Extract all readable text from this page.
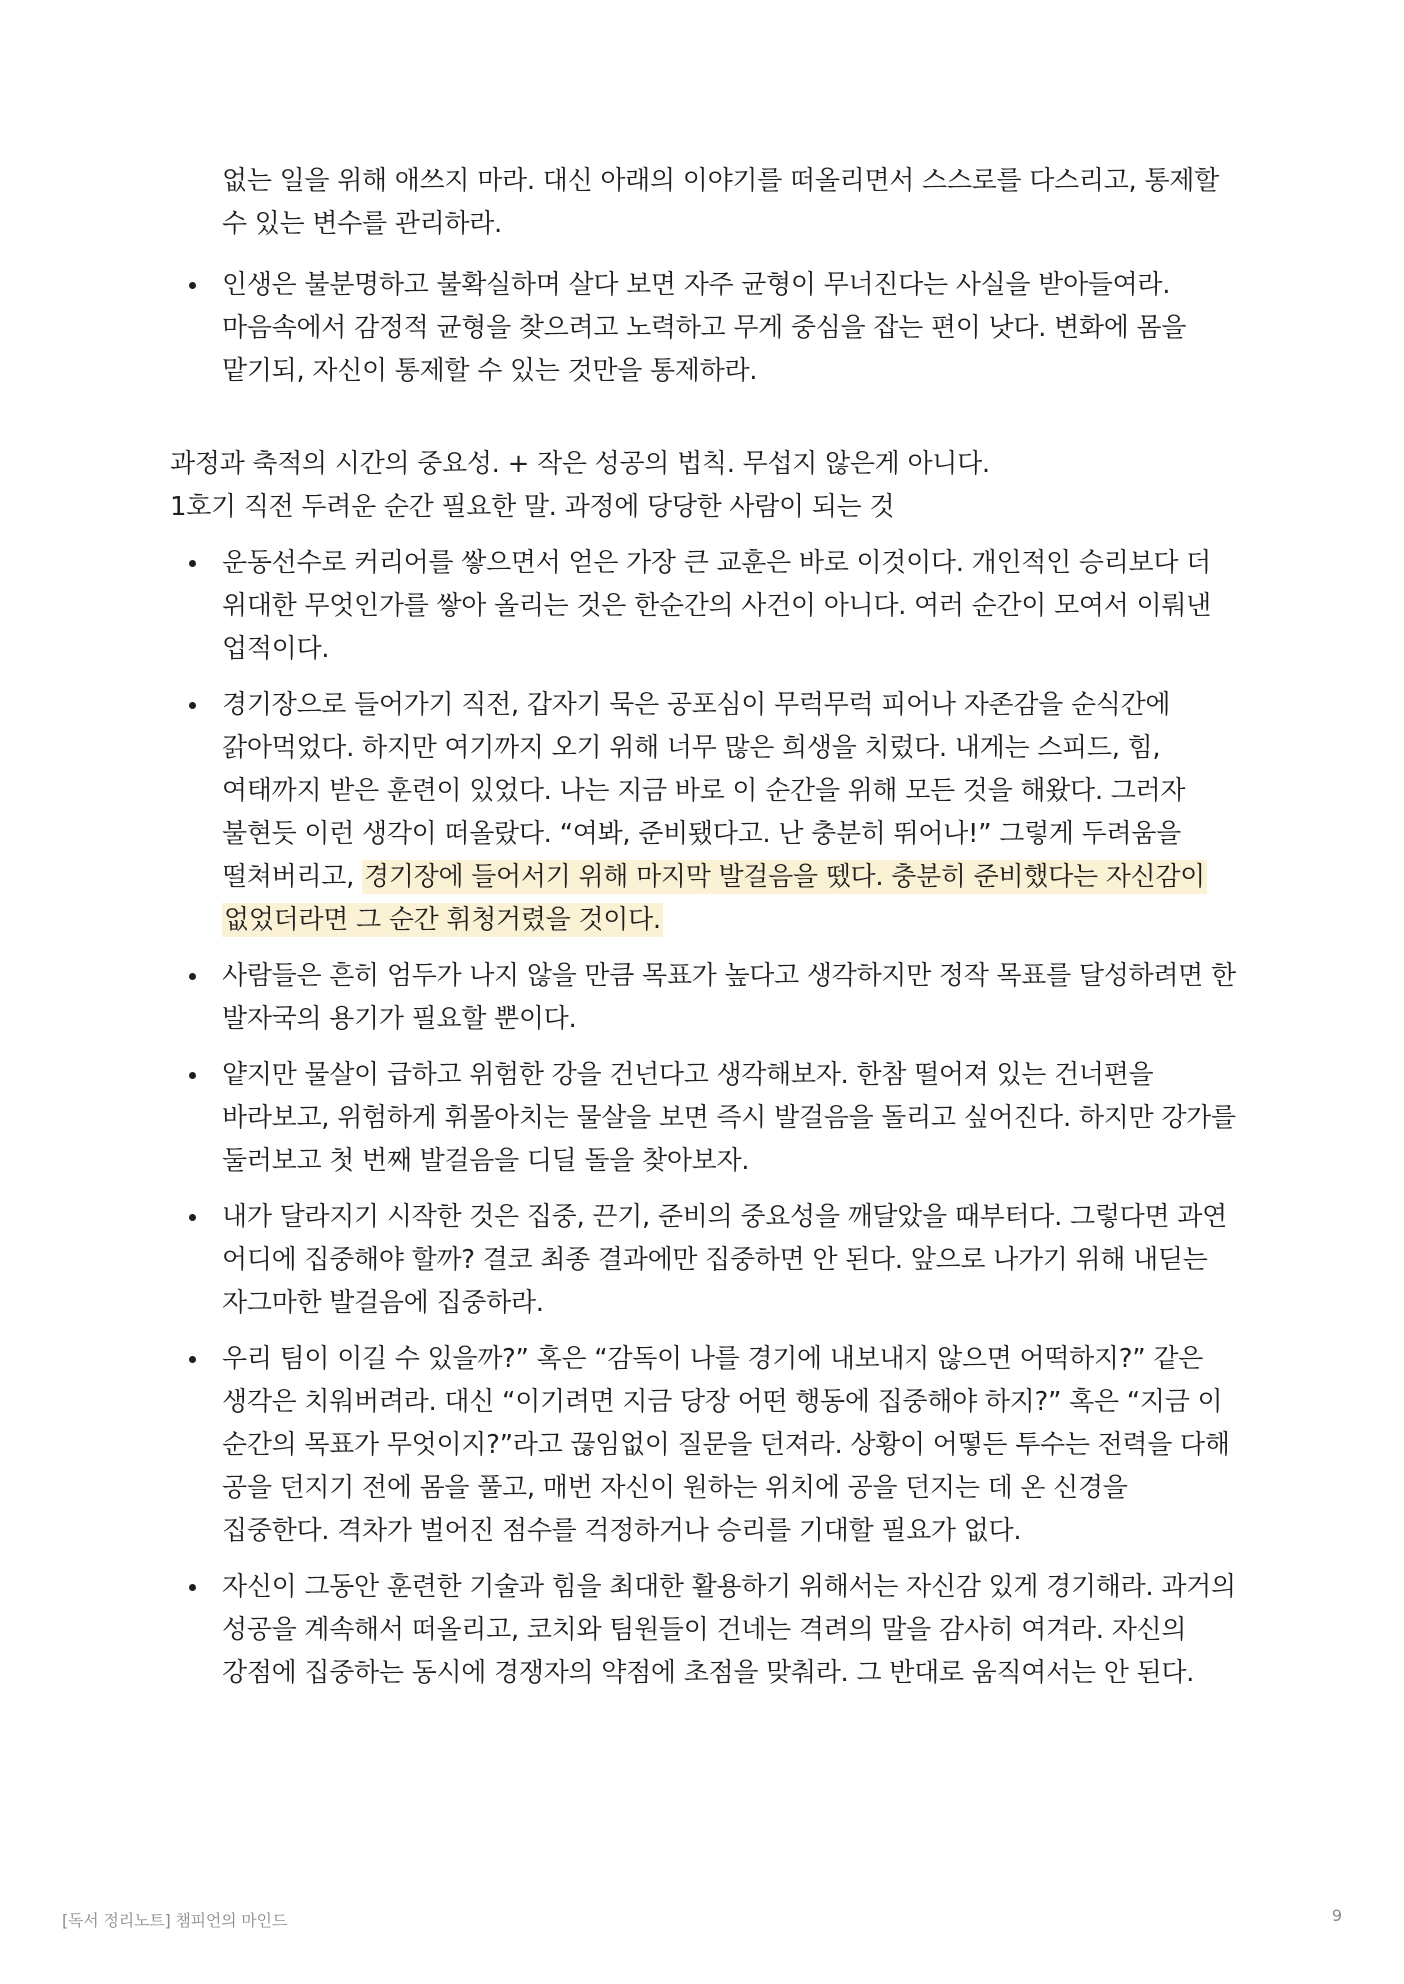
없는 일을 위해 애쓰지 마라. 대신 아래의 이야기를 떠올리면서 스스로를 다스리고, 통제할 수 있는 변수를 관리하라.
인생은 불분명하고 불확실하며 살다 보면 자주 균형이 무너진다는 사실을 받아들여라. 마음속에서 감정적 균형을 찾으려고 노력하고 무게 중심을 잡는 편이 낫다. 변화에 몸을 맡기되, 자신이 통제할 수 있는 것만을 통제하라.

과정과 축적의 시간의 중요성. + 작은 성공의 법칙. 무섭지 않은게 아니다.

1호기 직전 두려운 순간 필요한 말. 과정에 당당한 사람이 되는 것

운동선수로 커리어를 쌓으면서 얻은 가장 큰 교훈은 바로 이것이다. 개인적인 승리보다 더 위대한 무엇인가를 쌓아 올리는 것은 한순간의 사건이 아니다. 여러 순간이 모여서 이뤄낸 업적이다.
경기장으로 들어가기 직전, 갑자기 묵은 공포심이 무럭무럭 피어나 자존감을 순식간에 갉아먹었다. 하지만 여기까지 오기 위해 너무 많은 희생을 치렀다. 내게는 스피드, 힘, 여태까지 받은 훈련이 있었다. 나는 지금 바로 이 순간을 위해 모든 것을 해왔다. 그러자 불현듯 이런 생각이 떠올랐다. “여봐, 준비됐다고. 난 충분히 뛰어나!” 그렇게 두려움을 떨쳐버리고, 경기장에 들어서기 위해 마지막 발걸음을 뗐다. 충분히 준비했다는 자신감이 없었더라면 그 순간 휘청거렸을 것이다.
사람들은 흔히 엄두가 나지 않을 만큼 목표가 높다고 생각하지만 정작 목표를 달성하려면 한 발자국의 용기가 필요할 뿐이다.
얕지만 물살이 급하고 위험한 강을 건넌다고 생각해보자. 한참 떨어져 있는 건너편을 바라보고, 위험하게 휘몰아치는 물살을 보면 즉시 발걸음을 돌리고 싶어진다. 하지만 강가를 둘러보고 첫 번째 발걸음을 디딜 돌을 찾아보자.
내가 달라지기 시작한 것은 집중, 끈기, 준비의 중요성을 깨달았을 때부터다. 그렇다면 과연 어디에 집중해야 할까? 결코 최종 결과에만 집중하면 안 된다. 앞으로 나가기 위해 내딛는 자그마한 발걸음에 집중하라.
우리 팀이 이길 수 있을까?” 혹은 “감독이 나를 경기에 내보내지 않으면 어떡하지?” 같은 생각은 치워버려라. 대신 “이기려면 지금 당장 어떤 행동에 집중해야 하지?” 혹은 “지금 이 순간의 목표가 무엇이지?”라고 끊임없이 질문을 던져라. 상황이 어떻든 투수는 전력을 다해 공을 던지기 전에 몸을 풀고, 매번 자신이 원하는 위치에 공을 던지는 데 온 신경을 집중한다. 격차가 벌어진 점수를 걱정하거나 승리를 기대할 필요가 없다.
자신이 그동안 훈련한 기술과 힘을 최대한 활용하기 위해서는 자신감 있게 경기해라. 과거의 성공을 계속해서 떠올리고, 코치와 팀원들이 건네는 격려의 말을 감사히 여겨라. 자신의 강점에 집중하는 동시에 경쟁자의 약점에 초점을 맞춰라. 그 반대로 움직여서는 안 된다.
[독서 정리노트] 챔피언의 마인드	9
